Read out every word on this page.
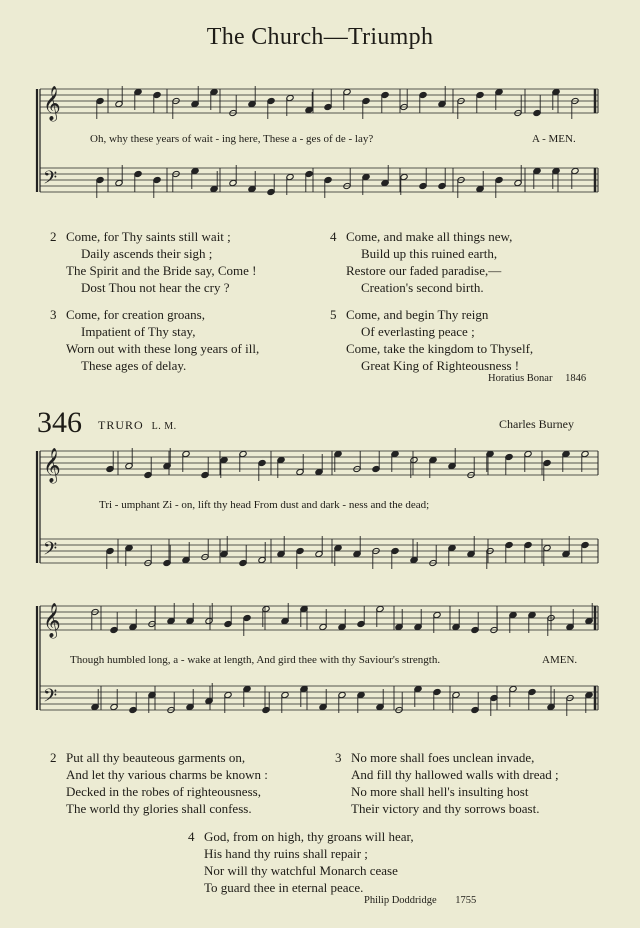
The Church—Triumph
𝄞
𝄢
𝄞
𝄢
𝄞
𝄢
Oh, why these years of wait - ing here, These a - ges of de - lay?	A - MEN.
2 Come, for Thy saints still wait ;
Daily ascends their sigh ;
The Spirit and the Bride say, Come !
Dost Thou not hear the cry ?
3 Come, for creation groans,
Impatient of Thy stay,
Worn out with these long years of ill,
These ages of delay.
4 Come, and make all things new,
Build up this ruined earth,
Restore our faded paradise,—
Creation's second birth.
5 Come, and begin Thy reign
Of everlasting peace ;
Come, take the kingdom to Thyself,
Great King of Righteousness !
Horatius Bonar 1846
346 TRURO L. M.	Charles Burney
Tri - umphant Zi - on, lift thy head From dust and dark - ness and the dead;
Though humbled long, a - wake at length, And gird thee with thy Saviour's strength.	AMEN.
2 Put all thy beauteous garments on,
And let thy various charms be known :
Decked in the robes of righteousness,
The world thy glories shall confess.
3 No more shall foes unclean invade,
And fill thy hallowed walls with dread ;
No more shall hell's insulting host
Their victory and thy sorrows boast.
4 God, from on high, thy groans will hear,
His hand thy ruins shall repair ;
Nor will thy watchful Monarch cease
To guard thee in eternal peace.
Philip Doddridge 1755
